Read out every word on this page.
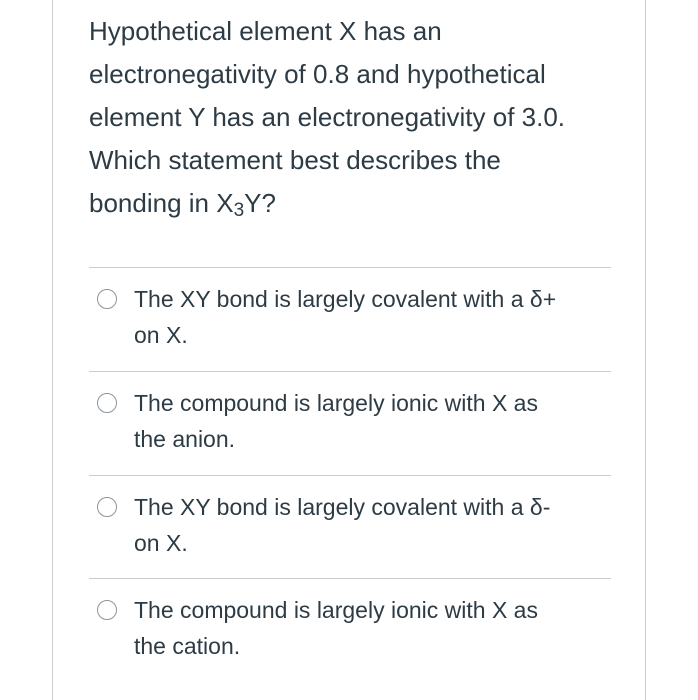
Hypothetical element X has an
electronegativity of 0.8 and hypothetical
element Y has an electronegativity of 3.0.
Which statement best describes the
bonding in $X_3Y$?
The XY bond is largely covalent with a δ+
on X.
The compound is largely ionic with X as
the anion.
The XY bond is largely covalent with a δ-
on X.
The compound is largely ionic with X as
the cation.
